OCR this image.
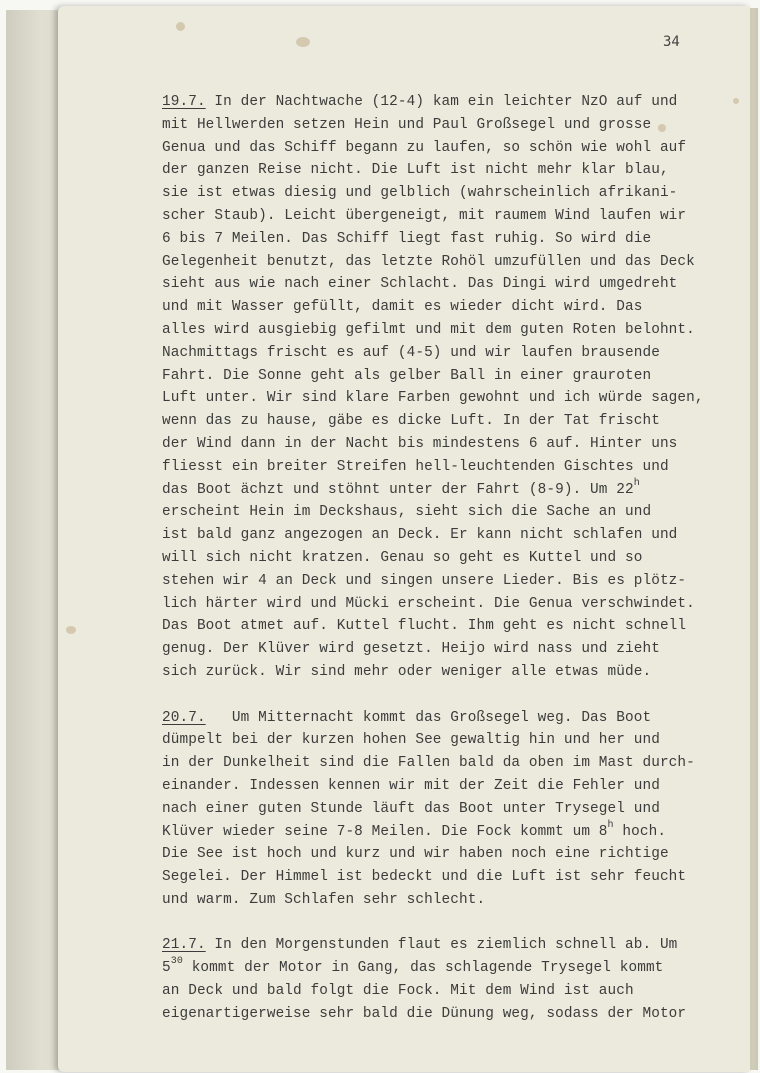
34
19.7. In der Nachtwache (12-4) kam ein leichter NzO auf und
mit Hellwerden setzen Hein und Paul Großsegel und grosse
Genua und das Schiff begann zu laufen, so schön wie wohl auf
der ganzen Reise nicht. Die Luft ist nicht mehr klar blau,
sie ist etwas diesig und gelblich (wahrscheinlich afrikani-
scher Staub). Leicht übergeneigt, mit raumem Wind laufen wir
6 bis 7 Meilen. Das Schiff liegt fast ruhig. So wird die
Gelegenheit benutzt, das letzte Rohöl umzufüllen und das Deck
sieht aus wie nach einer Schlacht. Das Dingi wird umgedreht
und mit Wasser gefüllt, damit es wieder dicht wird. Das
alles wird ausgiebig gefilmt und mit dem guten Roten belohnt.
Nachmittags frischt es auf (4-5) und wir laufen brausende
Fahrt. Die Sonne geht als gelber Ball in einer grauroten
Luft unter. Wir sind klare Farben gewohnt und ich würde sagen,
wenn das zu hause, gäbe es dicke Luft. In der Tat frischt
der Wind dann in der Nacht bis mindestens 6 auf. Hinter uns
fliesst ein breiter Streifen hell-leuchtenden Gischtes und
das Boot ächzt und stöhnt unter der Fahrt (8-9). Um 22$^h$
erscheint Hein im Deckshaus, sieht sich die Sache an und
ist bald ganz angezogen an Deck. Er kann nicht schlafen und
will sich nicht kratzen. Genau so geht es Kuttel und so
stehen wir 4 an Deck und singen unsere Lieder. Bis es plötz-
lich härter wird und Mücki erscheint. Die Genua verschwindet.
Das Boot atmet auf. Kuttel flucht. Ihm geht es nicht schnell
genug. Der Klüver wird gesetzt. Heijo wird nass und zieht
sich zurück. Wir sind mehr oder weniger alle etwas müde.
20.7.   Um Mitternacht kommt das Großsegel weg. Das Boot
dümpelt bei der kurzen hohen See gewaltig hin und her und
in der Dunkelheit sind die Fallen bald da oben im Mast durch-
einander. Indessen kennen wir mit der Zeit die Fehler und
nach einer guten Stunde läuft das Boot unter Trysegel und
Klüver wieder seine 7-8 Meilen. Die Fock kommt um 8$^h$ hoch.
Die See ist hoch und kurz und wir haben noch eine richtige
Segelei. Der Himmel ist bedeckt und die Luft ist sehr feucht
und warm. Zum Schlafen sehr schlecht.
21.7. In den Morgenstunden flaut es ziemlich schnell ab. Um
$5^{30}$ kommt der Motor in Gang, das schlagende Trysegel kommt
an Deck und bald folgt die Fock. Mit dem Wind ist auch
eigenartigerweise sehr bald die Dünung weg, sodass der Motor
